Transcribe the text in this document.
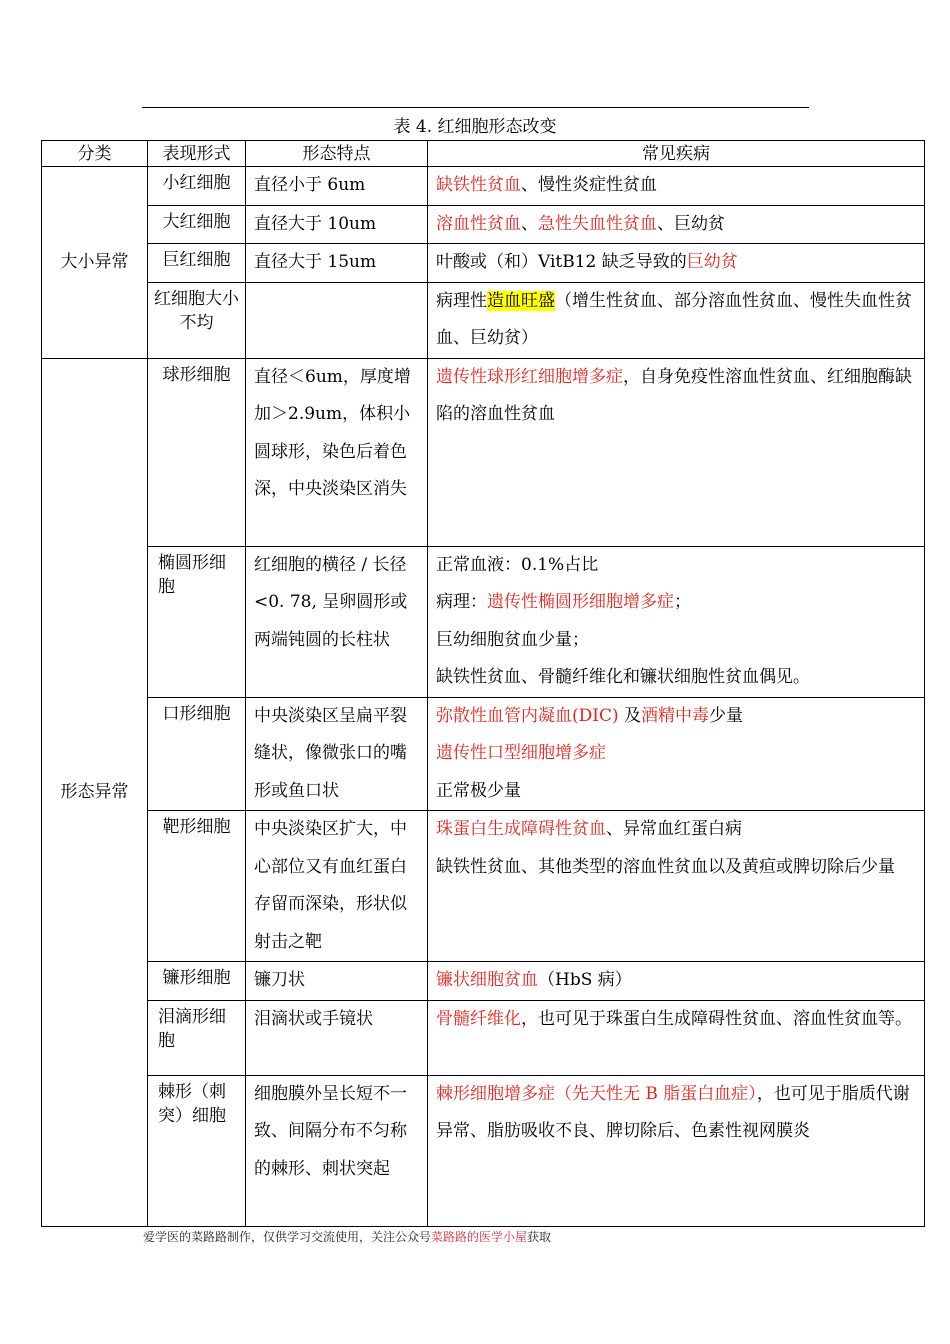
表 4. 红细胞形态改变
分类	表现形式	形态特点	常见疾病
大小异常	小红细胞	直径小于 6um	缺铁性贫血、慢性炎症性贫血
	大红细胞	直径大于 10um	溶血性贫血、急性失血性贫血、巨幼贫
	巨红细胞	直径大于 15um	叶酸或（和）VitB12 缺乏导致的巨幼贫
	红细胞大小不均		病理性造血旺盛（增生性贫血、部分溶血性贫血、慢性失血性贫血、巨幼贫）
形态异常	球形细胞	直径＜6um，厚度增加＞2.9um，体积小圆球形，染色后着色深，中央淡染区消失	遗传性球形红细胞增多症，自身免疫性溶血性贫血、红细胞酶缺陷的溶血性贫血
	椭圆形细胞	红细胞的横径 / 长径<0. 78, 呈卵圆形或两端钝圆的长柱状	正常血液：0.1%占比
病理：遗传性椭圆形细胞增多症；
巨幼细胞贫血少量；
缺铁性贫血、骨髓纤维化和镰状细胞性贫血偶见。

	口形细胞	中央淡染区呈扁平裂缝状，像微张口的嘴形或鱼口状	弥散性血管内凝血(DIC) 及酒精中毒少量
遗传性口型细胞增多症
正常极少量

	靶形细胞	中央淡染区扩大，中心部位又有血红蛋白存留而深染，形状似射击之靶	珠蛋白生成障碍性贫血、异常血红蛋白病
缺铁性贫血、其他类型的溶血性贫血以及黄疸或脾切除后少量

	镰形细胞	镰刀状	镰状细胞贫血（HbS 病）
	泪滴形细胞	泪滴状或手镜状	骨髓纤维化，也可见于珠蛋白生成障碍性贫血、溶血性贫血等。
	棘形（刺突）细胞	细胞膜外呈长短不一致、间隔分布不匀称的棘形、刺状突起	棘形细胞增多症（先天性无 B 脂蛋白血症），也可见于脂质代谢异常、脂肪吸收不良、脾切除后、色素性视网膜炎
爱学医的菜路路制作，仅供学习交流使用，关注公众号菜路路的医学小屋获取
